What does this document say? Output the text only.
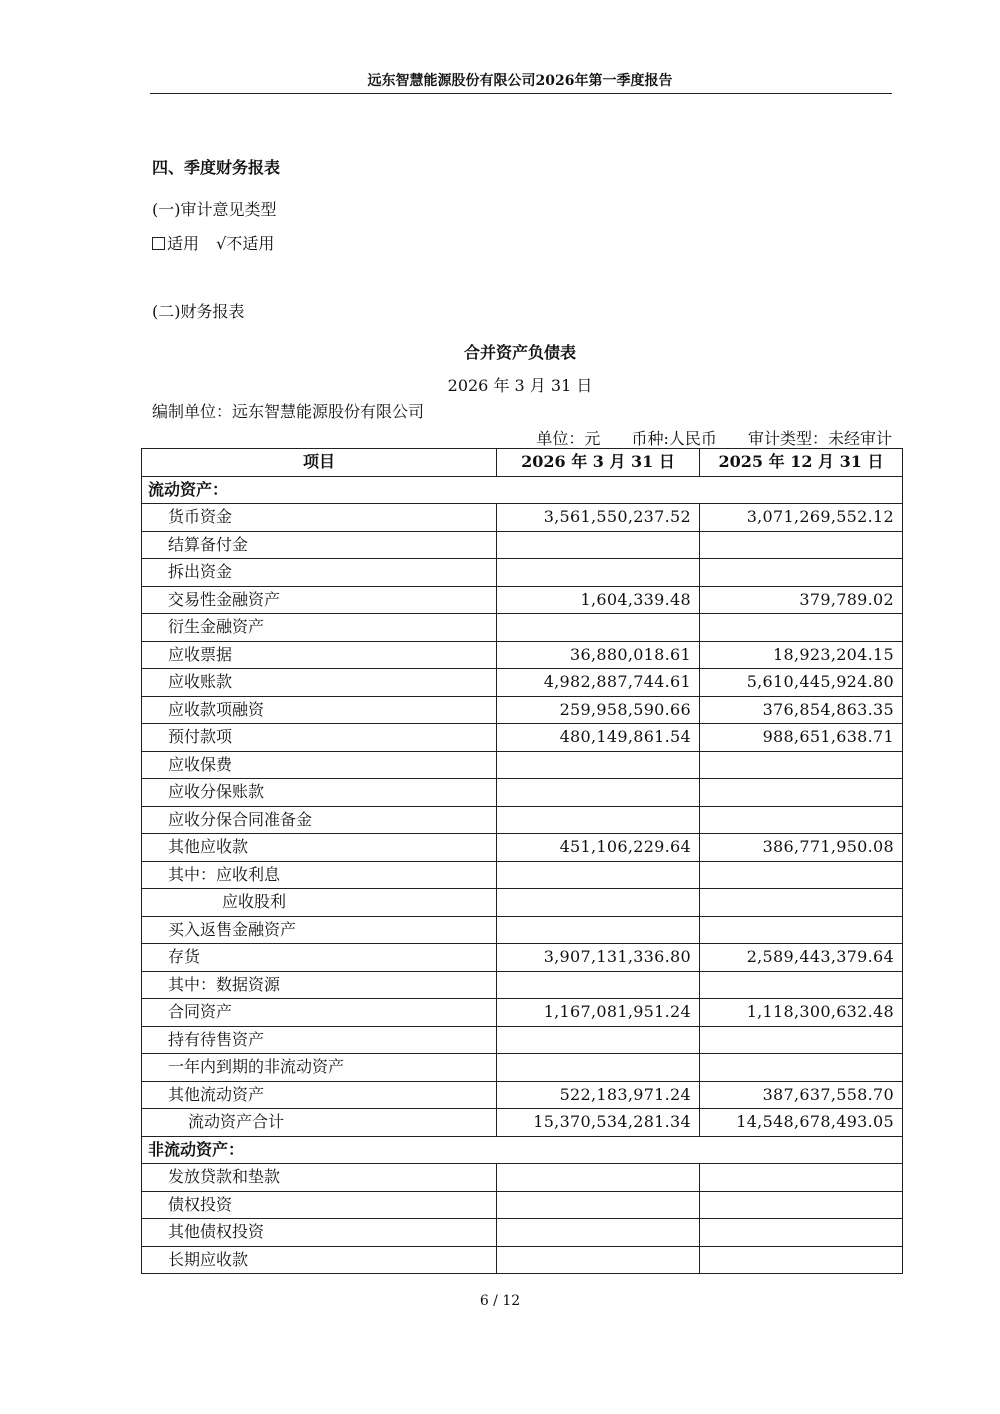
远东智慧能源股份有限公司2026年第一季度报告
四、季度财务报表
(一)审计意见类型
适用 √不适用
(二)财务报表
合并资产负债表
2026 年 3 月 31 日
编制单位：远东智慧能源股份有限公司
单位：元 币种:人民币 审计类型：未经审计
项目	2026 年 3 月 31 日	2025 年 12 月 31 日
流动资产：		
货币资金	3,561,550,237.52	3,071,269,552.12
结算备付金		
拆出资金		
交易性金融资产	1,604,339.48	379,789.02
衍生金融资产		
应收票据	36,880,018.61	18,923,204.15
应收账款	4,982,887,744.61	5,610,445,924.80
应收款项融资	259,958,590.66	376,854,863.35
预付款项	480,149,861.54	988,651,638.71
应收保费		
应收分保账款		
应收分保合同准备金		
其他应收款	451,106,229.64	386,771,950.08
其中：应收利息		
应收股利		
买入返售金融资产		
存货	3,907,131,336.80	2,589,443,379.64
其中：数据资源		
合同资产	1,167,081,951.24	1,118,300,632.48
持有待售资产		
一年内到期的非流动资产		
其他流动资产	522,183,971.24	387,637,558.70
流动资产合计	15,370,534,281.34	14,548,678,493.05
非流动资产：		
发放贷款和垫款		
债权投资		
其他债权投资		
长期应收款		
6 / 12
